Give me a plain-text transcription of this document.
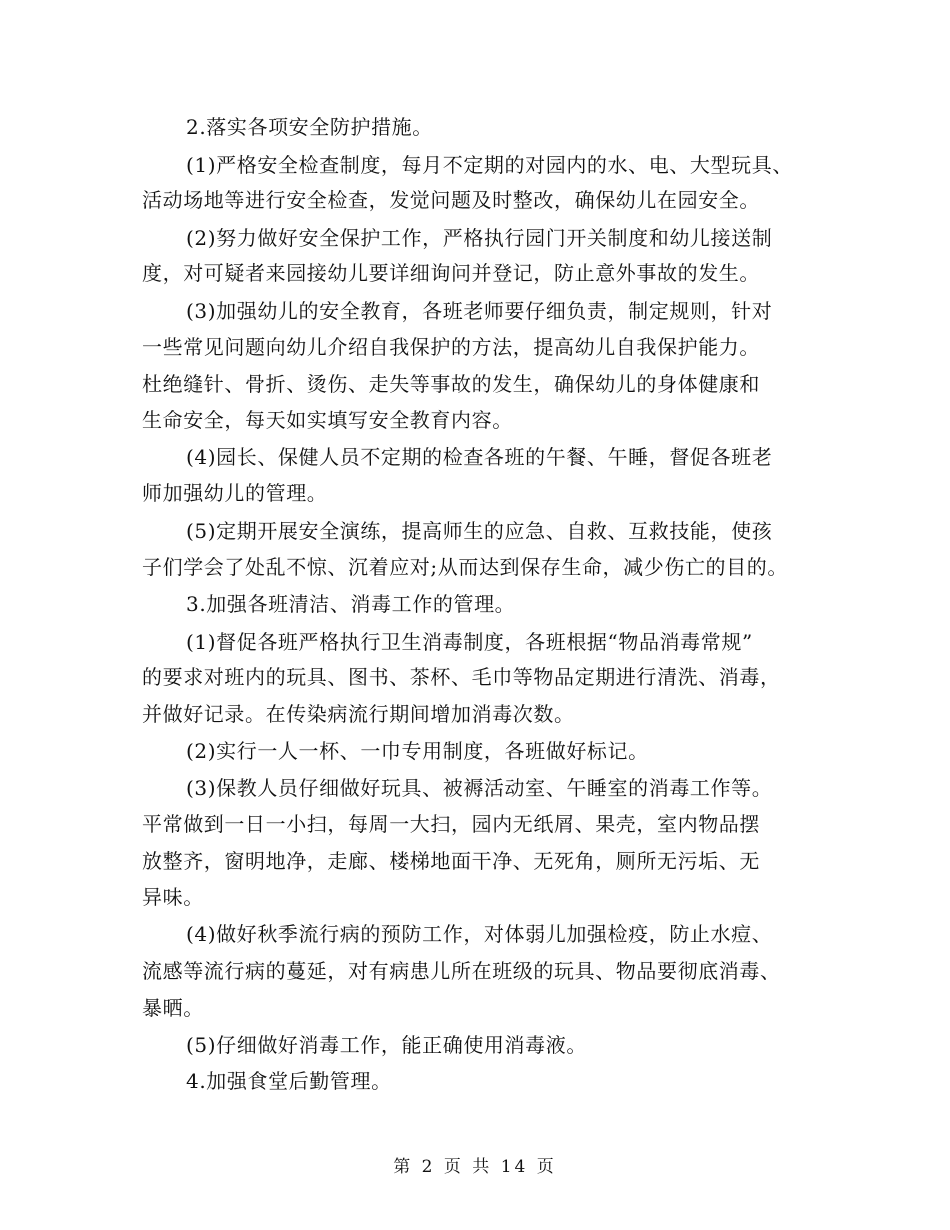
2.落实各项安全防护措施。
(1)严格安全检查制度，每月不定期的对园内的水、电、大型玩具、
活动场地等进行安全检查，发觉问题及时整改，确保幼儿在园安全。
(2)努力做好安全保护工作，严格执行园门开关制度和幼儿接送制
度，对可疑者来园接幼儿要详细询问并登记，防止意外事故的发生。
(3)加强幼儿的安全教育，各班老师要仔细负责，制定规则，针对
一些常见问题向幼儿介绍自我保护的方法，提高幼儿自我保护能力。
杜绝缝针、骨折、烫伤、走失等事故的发生，确保幼儿的身体健康和
生命安全，每天如实填写安全教育内容。
(4)园长、保健人员不定期的检查各班的午餐、午睡，督促各班老
师加强幼儿的管理。
(5)定期开展安全演练，提高师生的应急、自救、互救技能，使孩
子们学会了处乱不惊、沉着应对;从而达到保存生命，减少伤亡的目的。
3.加强各班清洁、消毒工作的管理。
(1)督促各班严格执行卫生消毒制度，各班根据“物品消毒常规”
的要求对班内的玩具、图书、茶杯、毛巾等物品定期进行清洗、消毒，
并做好记录。在传染病流行期间增加消毒次数。
(2)实行一人一杯、一巾专用制度，各班做好标记。
(3)保教人员仔细做好玩具、被褥活动室、午睡室的消毒工作等。
平常做到一日一小扫，每周一大扫，园内无纸屑、果壳，室内物品摆
放整齐，窗明地净，走廊、楼梯地面干净、无死角，厕所无污垢、无
异味。
(4)做好秋季流行病的预防工作，对体弱儿加强检疫，防止水痘、
流感等流行病的蔓延，对有病患儿所在班级的玩具、物品要彻底消毒、
暴晒。
(5)仔细做好消毒工作，能正确使用消毒液。
4.加强食堂后勤管理。
第 2 页 共 14 页
